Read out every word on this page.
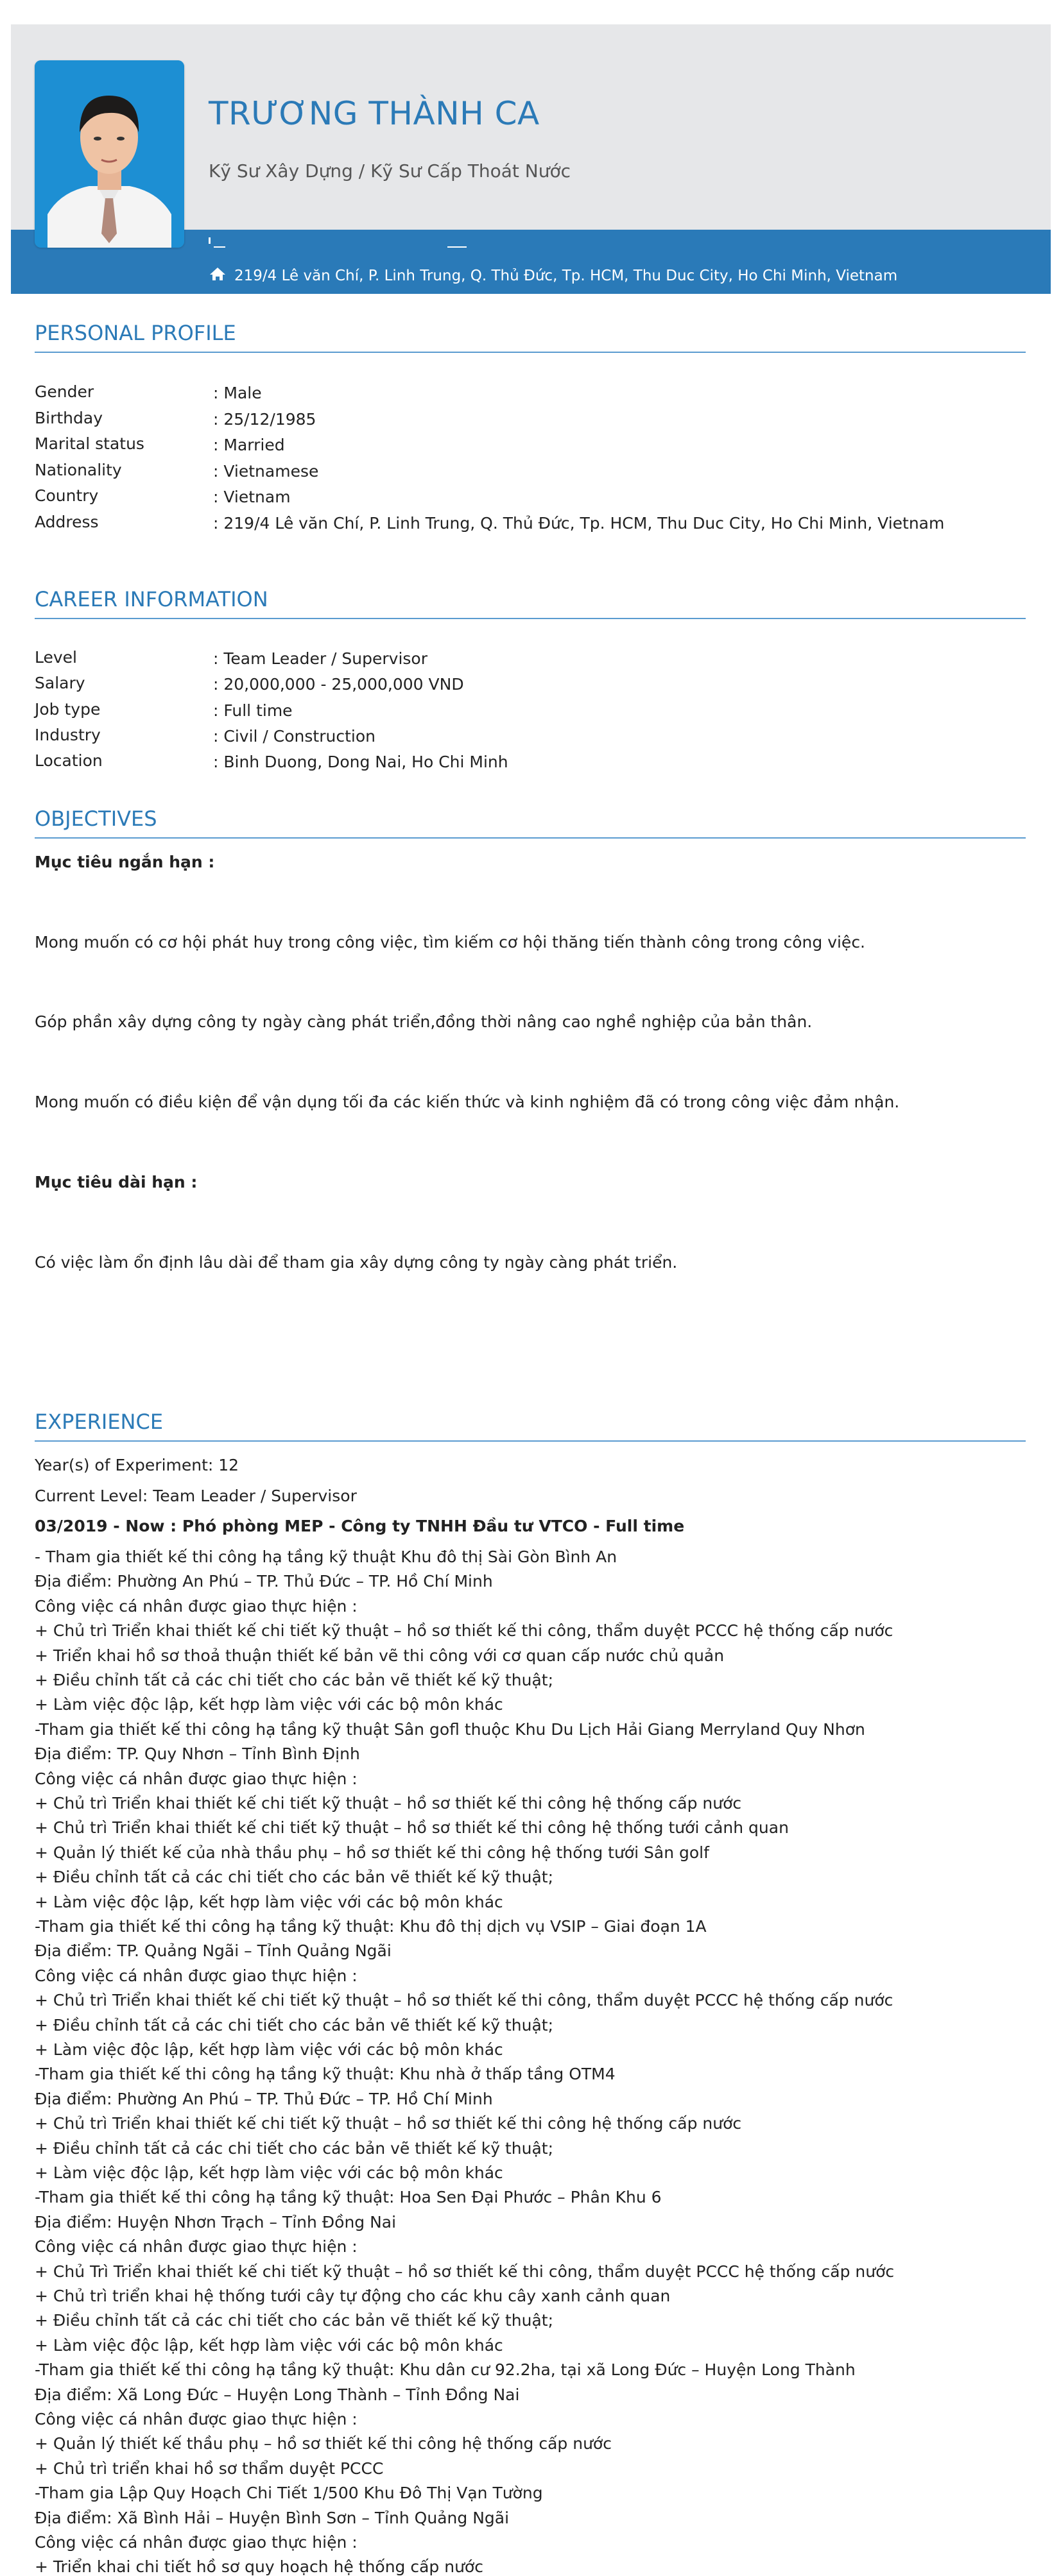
TRƯƠNG THÀNH CA
Kỹ Sư Xây Dựng / Kỹ Sư Cấp Thoát Nước
219/4 Lê văn Chí, P. Linh Trung, Q. Thủ Đức, Tp. HCM, Thu Duc City, Ho Chi Minh, Vietnam
PERSONAL PROFILE
Gender	: Male
Birthday	: 25/12/1985
Marital status	: Married
Nationality	: Vietnamese
Country	: Vietnam
Address	: 219/4 Lê văn Chí, P. Linh Trung, Q. Thủ Đức, Tp. HCM, Thu Duc City, Ho Chi Minh, Vietnam
CAREER INFORMATION
Level	: Team Leader / Supervisor
Salary	: 20,000,000 - 25,000,000 VND
Job type	: Full time
Industry	: Civil / Construction
Location	: Binh Duong, Dong Nai, Ho Chi Minh
OBJECTIVES
Mục tiêu ngắn hạn :
Mong muốn có cơ hội phát huy trong công việc, tìm kiếm cơ hội thăng tiến thành công trong công việc.
Góp phần xây dựng công ty ngày càng phát triển,đồng thời nâng cao nghề nghiệp của bản thân.
Mong muốn có điều kiện để vận dụng tối đa các kiến thức và kinh nghiệm đã có trong công việc đảm nhận.
Mục tiêu dài hạn :
Có việc làm ổn định lâu dài để tham gia xây dựng công ty ngày càng phát triển.
EXPERIENCE
Year(s) of Experiment: 12
Current Level: Team Leader / Supervisor
03/2019 - Now : Phó phòng MEP - Công ty TNHH Đầu tư VTCO - Full time
- Tham gia thiết kế thi công hạ tầng kỹ thuật Khu đô thị Sài Gòn Bình An
Địa điểm: Phường An Phú – TP. Thủ Đức – TP. Hồ Chí Minh
Công việc cá nhân được giao thực hiện :
+ Chủ trì Triển khai thiết kế chi tiết kỹ thuật – hồ sơ thiết kế thi công, thẩm duyệt PCCC hệ thống cấp nước
+ Triển khai hồ sơ thoả thuận thiết kế bản vẽ thi công với cơ quan cấp nước chủ quản
+ Điều chỉnh tất cả các chi tiết cho các bản vẽ thiết kế kỹ thuật;
+ Làm việc độc lập, kết hợp làm việc với các bộ môn khác
-Tham gia thiết kế thi công hạ tầng kỹ thuật Sân gofl thuộc Khu Du Lịch Hải Giang Merryland Quy Nhơn
Địa điểm: TP. Quy Nhơn – Tỉnh Bình Định
Công việc cá nhân được giao thực hiện :
+ Chủ trì Triển khai thiết kế chi tiết kỹ thuật – hồ sơ thiết kế thi công hệ thống cấp nước
+ Chủ trì Triển khai thiết kế chi tiết kỹ thuật – hồ sơ thiết kế thi công hệ thống tưới cảnh quan
+ Quản lý thiết kế của nhà thầu phụ – hồ sơ thiết kế thi công hệ thống tưới Sân golf
+ Điều chỉnh tất cả các chi tiết cho các bản vẽ thiết kế kỹ thuật;
+ Làm việc độc lập, kết hợp làm việc với các bộ môn khác
-Tham gia thiết kế thi công hạ tầng kỹ thuật: Khu đô thị dịch vụ VSIP – Giai đoạn 1A
Địa điểm: TP. Quảng Ngãi – Tỉnh Quảng Ngãi
Công việc cá nhân được giao thực hiện :
+ Chủ trì Triển khai thiết kế chi tiết kỹ thuật – hồ sơ thiết kế thi công, thẩm duyệt PCCC hệ thống cấp nước
+ Điều chỉnh tất cả các chi tiết cho các bản vẽ thiết kế kỹ thuật;
+ Làm việc độc lập, kết hợp làm việc với các bộ môn khác
-Tham gia thiết kế thi công hạ tầng kỹ thuật: Khu nhà ở thấp tầng OTM4
Địa điểm: Phường An Phú – TP. Thủ Đức – TP. Hồ Chí Minh
+ Chủ trì Triển khai thiết kế chi tiết kỹ thuật – hồ sơ thiết kế thi công hệ thống cấp nước
+ Điều chỉnh tất cả các chi tiết cho các bản vẽ thiết kế kỹ thuật;
+ Làm việc độc lập, kết hợp làm việc với các bộ môn khác
-Tham gia thiết kế thi công hạ tầng kỹ thuật: Hoa Sen Đại Phước – Phân Khu 6
Địa điểm: Huyện Nhơn Trạch – Tỉnh Đồng Nai
Công việc cá nhân được giao thực hiện :
+ Chủ Trì Triển khai thiết kế chi tiết kỹ thuật – hồ sơ thiết kế thi công, thẩm duyệt PCCC hệ thống cấp nước
+ Chủ trì triển khai hệ thống tưới cây tự động cho các khu cây xanh cảnh quan
+ Điều chỉnh tất cả các chi tiết cho các bản vẽ thiết kế kỹ thuật;
+ Làm việc độc lập, kết hợp làm việc với các bộ môn khác
-Tham gia thiết kế thi công hạ tầng kỹ thuật: Khu dân cư 92.2ha, tại xã Long Đức – Huyện Long Thành
Địa điểm: Xã Long Đức – Huyện Long Thành – Tỉnh Đồng Nai
Công việc cá nhân được giao thực hiện :
+ Quản lý thiết kế thầu phụ – hồ sơ thiết kế thi công hệ thống cấp nước
+ Chủ trì triển khai hồ sơ thẩm duyệt PCCC
-Tham gia Lập Quy Hoạch Chi Tiết 1/500 Khu Đô Thị Vạn Tường
Địa điểm: Xã Bình Hải – Huyện Bình Sơn – Tỉnh Quảng Ngãi
Công việc cá nhân được giao thực hiện :
+ Triển khai chi tiết hồ sơ quy hoạch hệ thống cấp nước
